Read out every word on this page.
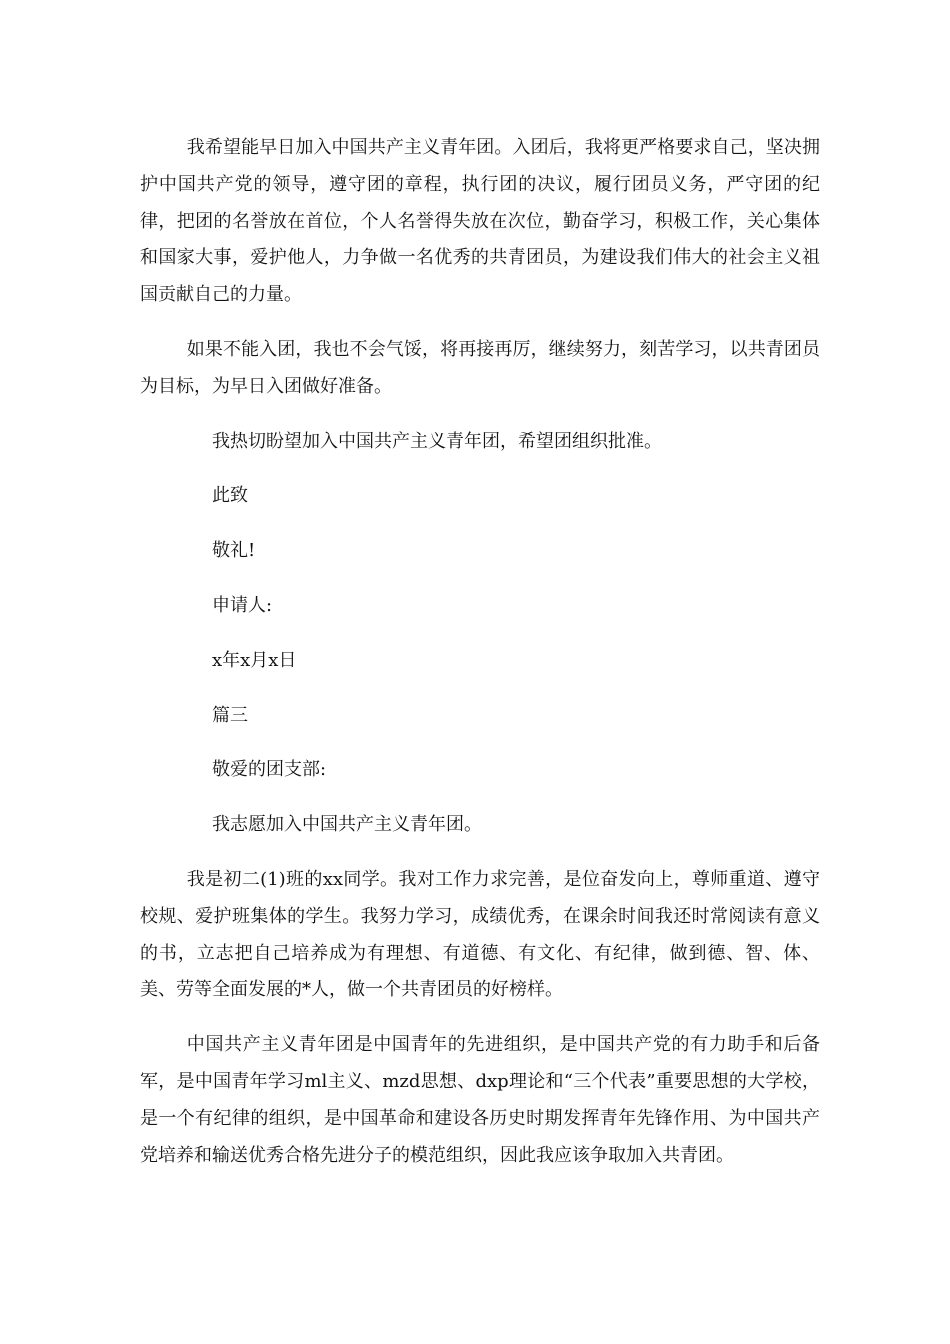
我希望能早日加入中国共产主义青年团。入团后，我将更严格要求自己，坚决拥护中国共产党的领导，遵守团的章程，执行团的决议，履行团员义务，严守团的纪律，把团的名誉放在首位，个人名誉得失放在次位，勤奋学习，积极工作，关心集体和国家大事，爱护他人，力争做一名优秀的共青团员，为建设我们伟大的社会主义祖国贡献自己的力量。

如果不能入团，我也不会气馁，将再接再厉，继续努力，刻苦学习，以共青团员为目标，为早日入团做好准备。

我热切盼望加入中国共产主义青年团，希望团组织批准。

此致

敬礼!

申请人:

x年x月x日

篇三

敬爱的团支部:

我志愿加入中国共产主义青年团。

我是初二(1)班的xx同学。我对工作力求完善，是位奋发向上，尊师重道、遵守校规、爱护班集体的学生。我努力学习，成绩优秀，在课余时间我还时常阅读有意义的书，立志把自己培养成为有理想、有道德、有文化、有纪律，做到德、智、体、美、劳等全面发展的*人，做一个共青团员的好榜样。

中国共产主义青年团是中国青年的先进组织，是中国共产党的有力助手和后备军，是中国青年学习ml主义、mzd思想、dxp理论和“三个代表”重要思想的大学校，是一个有纪律的组织，是中国革命和建设各历史时期发挥青年先锋作用、为中国共产党培养和输送优秀合格先进分子的模范组织，因此我应该争取加入共青团。
